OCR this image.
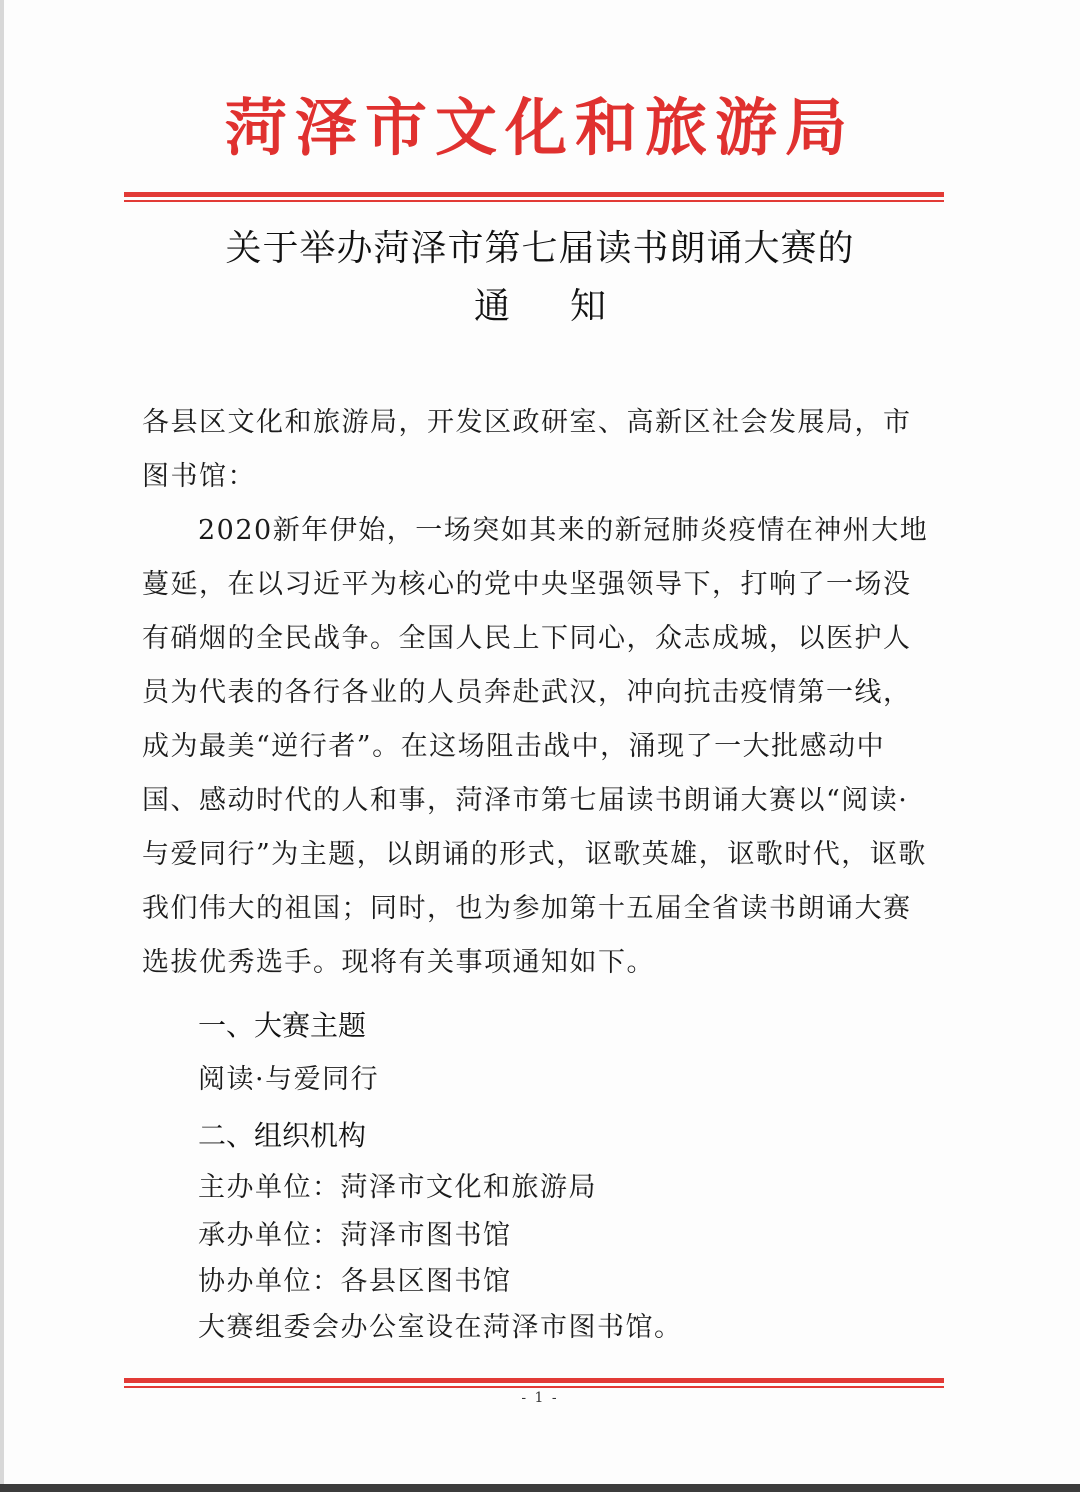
菏泽市文化和旅游局
关于举办菏泽市第七届读书朗诵大赛的
通知
各县区文化和旅游局，开发区政研室、高新区社会发展局，市图书馆：
2020新年伊始，一场突如其来的新冠肺炎疫情在神州大地蔓延，在以习近平为核心的党中央坚强领导下，打响了一场没有硝烟的全民战争。全国人民上下同心，众志成城，以医护人员为代表的各行各业的人员奔赴武汉，冲向抗击疫情第一线，成为最美“逆行者”。在这场阻击战中，涌现了一大批感动中国、感动时代的人和事，菏泽市第七届读书朗诵大赛以“阅读·与爱同行”为主题，以朗诵的形式，讴歌英雄，讴歌时代，讴歌我们伟大的祖国；同时，也为参加第十五届全省读书朗诵大赛选拔优秀选手。现将有关事项通知如下。
一、大赛主题
阅读·与爱同行
二、组织机构
主办单位：菏泽市文化和旅游局
承办单位：菏泽市图书馆
协办单位：各县区图书馆
大赛组委会办公室设在菏泽市图书馆。
- 1 -
